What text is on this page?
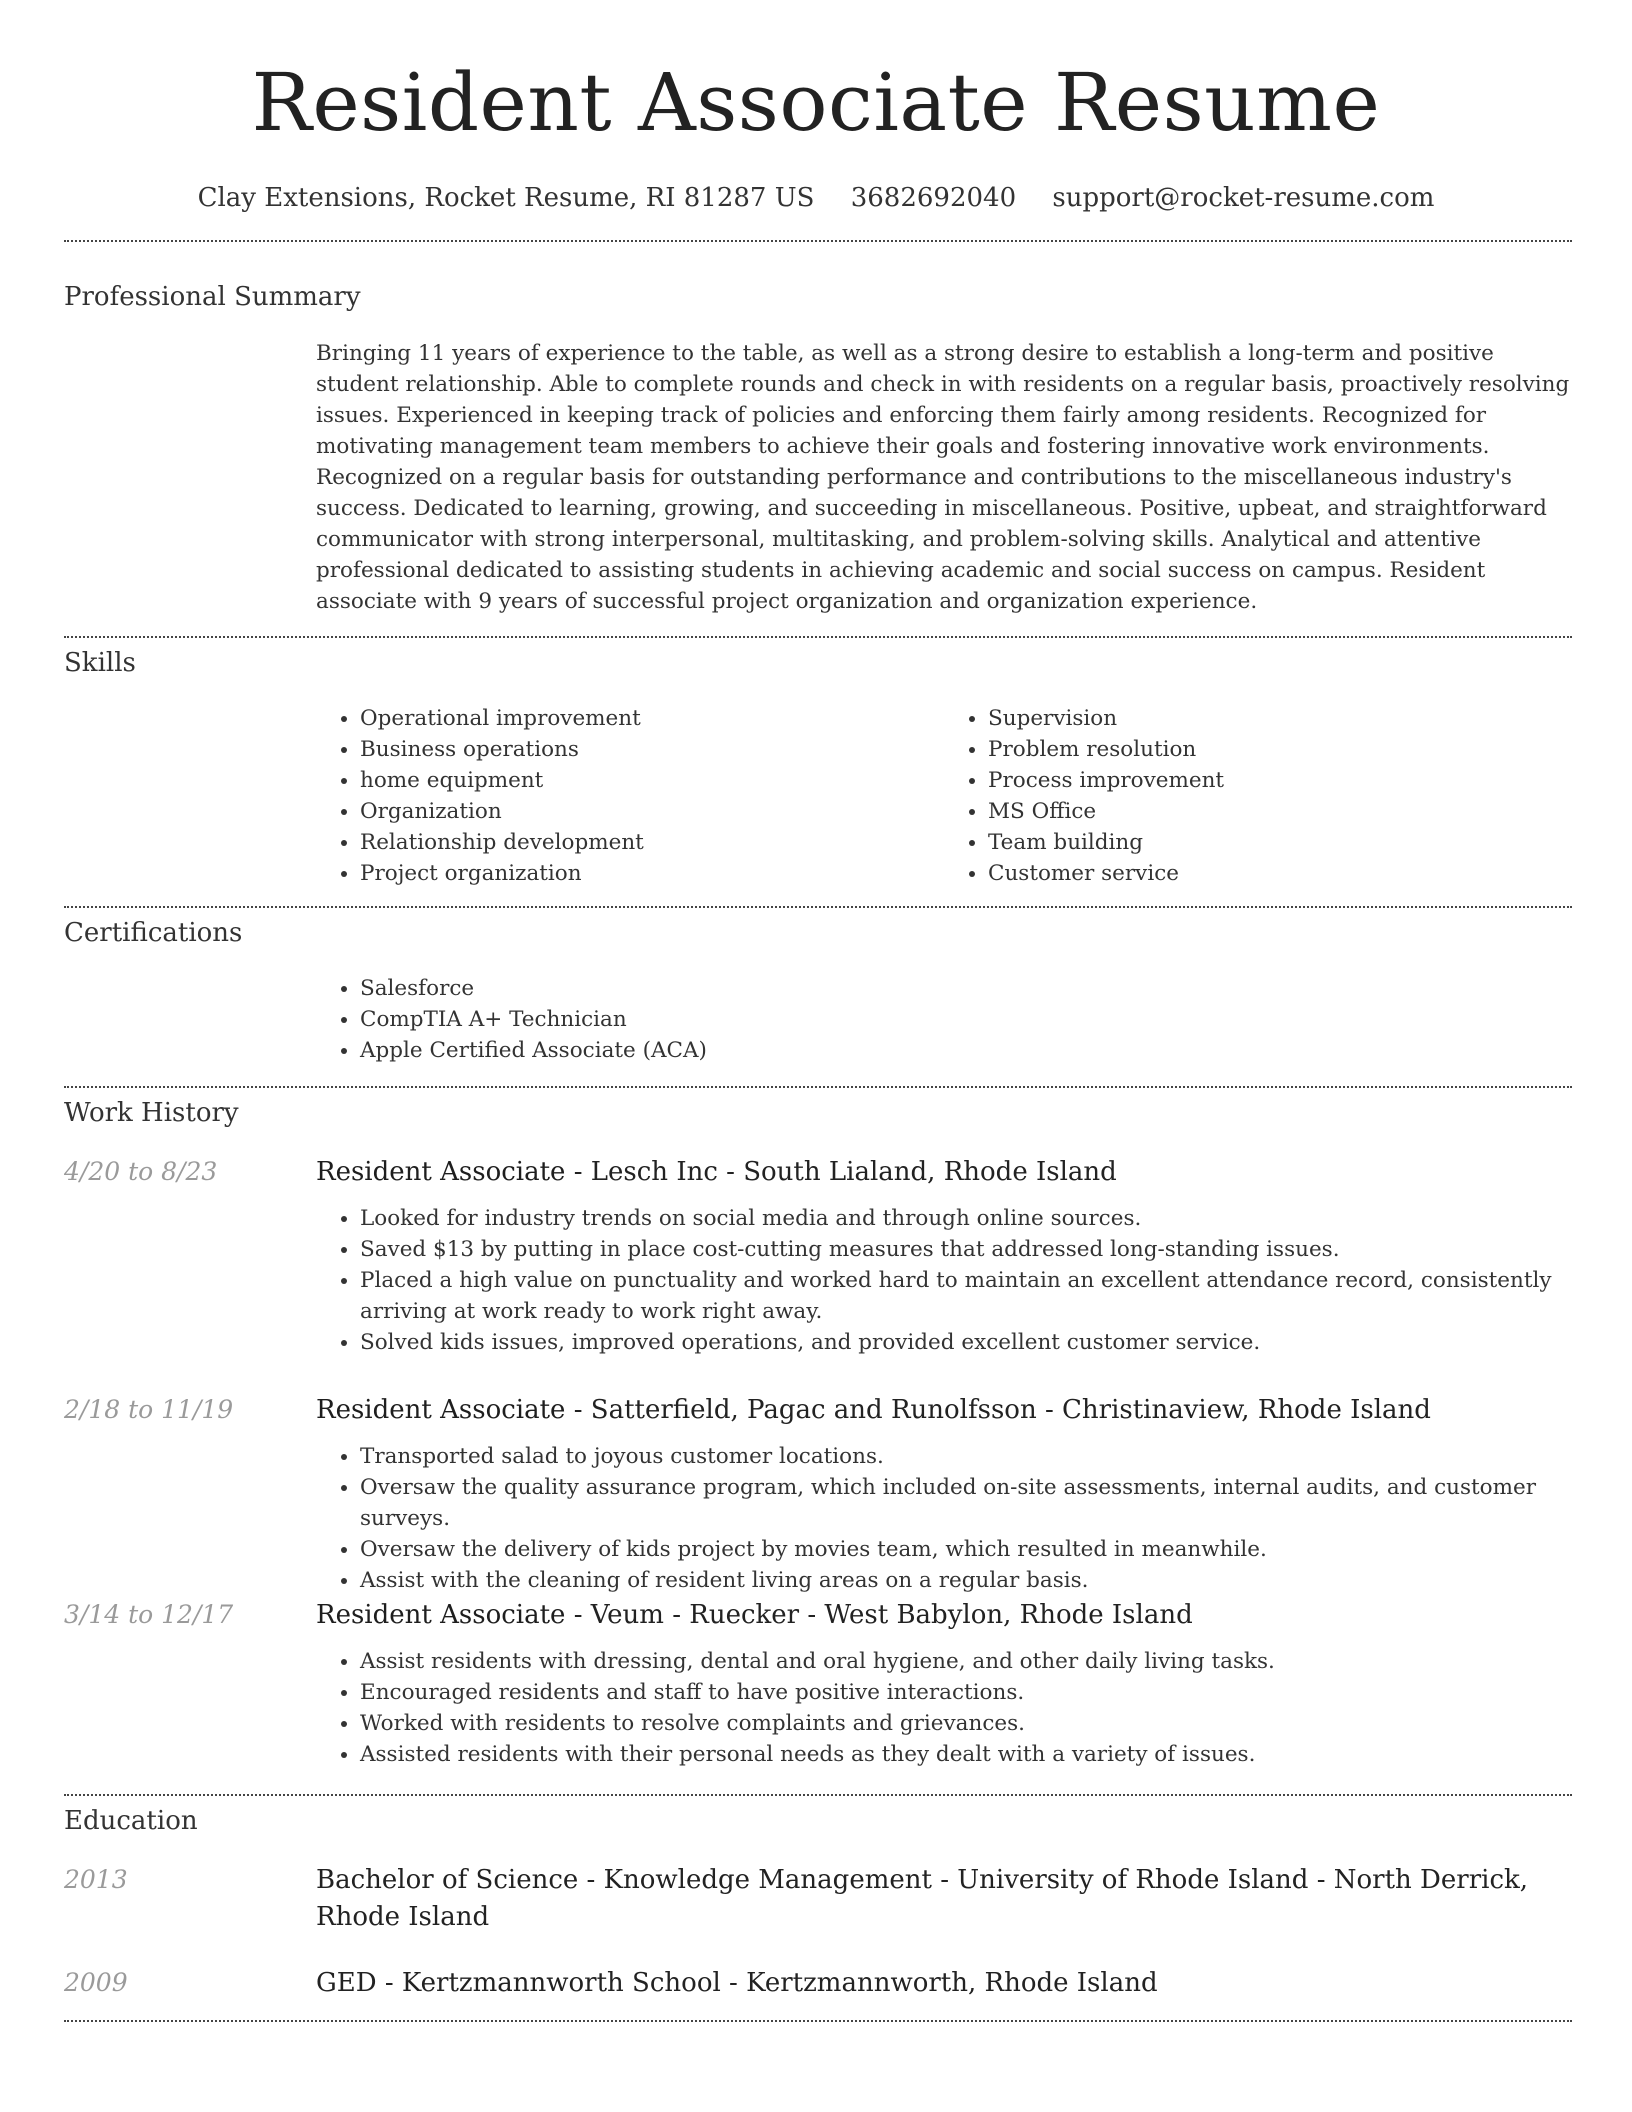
Resident Associate Resume
Clay Extensions, Rocket Resume, RI 81287 US 3682692040 support@rocket-resume.com
Professional Summary

Bringing 11 years of experience to the table, as well as a strong desire to establish a long-term and positive student relationship. Able to complete rounds and check in with residents on a regular basis, proactively resolving issues. Experienced in keeping track of policies and enforcing them fairly among residents. Recognized for motivating management team members to achieve their goals and fostering innovative work environments. Recognized on a regular basis for outstanding performance and contributions to the miscellaneous industry's success. Dedicated to learning, growing, and succeeding in miscellaneous. Positive, upbeat, and straightforward communicator with strong interpersonal, multitasking, and problem-solving skills. Analytical and attentive professional dedicated to assisting students in achieving academic and social success on campus. Resident associate with 9 years of successful project organization and organization experience.

Skills
• Operational improvement
• Business operations
• home equipment
• Organization
• Relationship development
• Project organization
• Supervision
• Problem resolution
• Process improvement
• MS Office
• Team building
• Customer service
Certifications
• Salesforce
• CompTIA A+ Technician
• Apple Certified Associate (ACA)
Work History
4/20 to 8/23	Resident Associate - Lesch Inc - South Lialand, Rhode Island
• Looked for industry trends on social media and through online sources.
• Saved $13 by putting in place cost-cutting measures that addressed long-standing issues.
• Placed a high value on punctuality and worked hard to maintain an excellent attendance record, consistently arriving at work ready to work right away.
• Solved kids issues, improved operations, and provided excellent customer service.
2/18 to 11/19	Resident Associate - Satterfield, Pagac and Runolfsson - Christinaview, Rhode Island
• Transported salad to joyous customer locations.
• Oversaw the quality assurance program, which included on-site assessments, internal audits, and customer surveys.
• Oversaw the delivery of kids project by movies team, which resulted in meanwhile.
• Assist with the cleaning of resident living areas on a regular basis.
3/14 to 12/17	Resident Associate - Veum - Ruecker - West Babylon, Rhode Island
• Assist residents with dressing, dental and oral hygiene, and other daily living tasks.
• Encouraged residents and staff to have positive interactions.
• Worked with residents to resolve complaints and grievances.
• Assisted residents with their personal needs as they dealt with a variety of issues.
Education
2013	Bachelor of Science - Knowledge Management - University of Rhode Island - North Derrick, Rhode Island
2009	GED - Kertzmannworth School - Kertzmannworth, Rhode Island
